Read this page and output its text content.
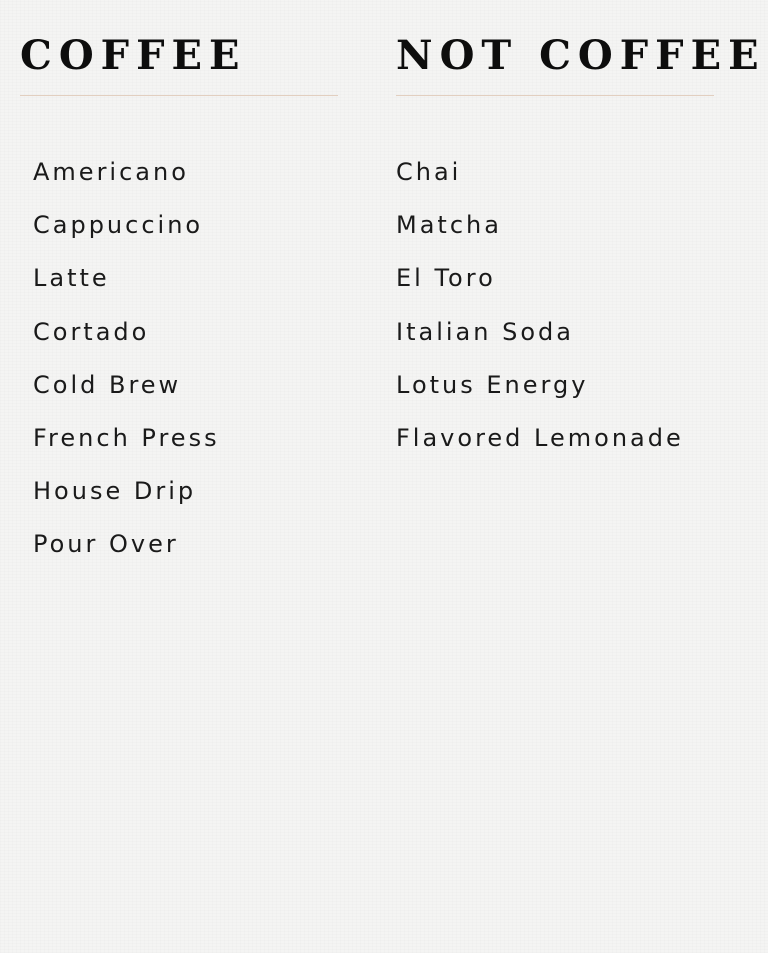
COFFEE
Americano
Cappuccino
Latte
Cortado
Cold Brew
French Press
House Drip
Pour Over
NOT COFFEE
Chai
Matcha
El Toro
Italian Soda
Lotus Energy
Flavored Lemonade
